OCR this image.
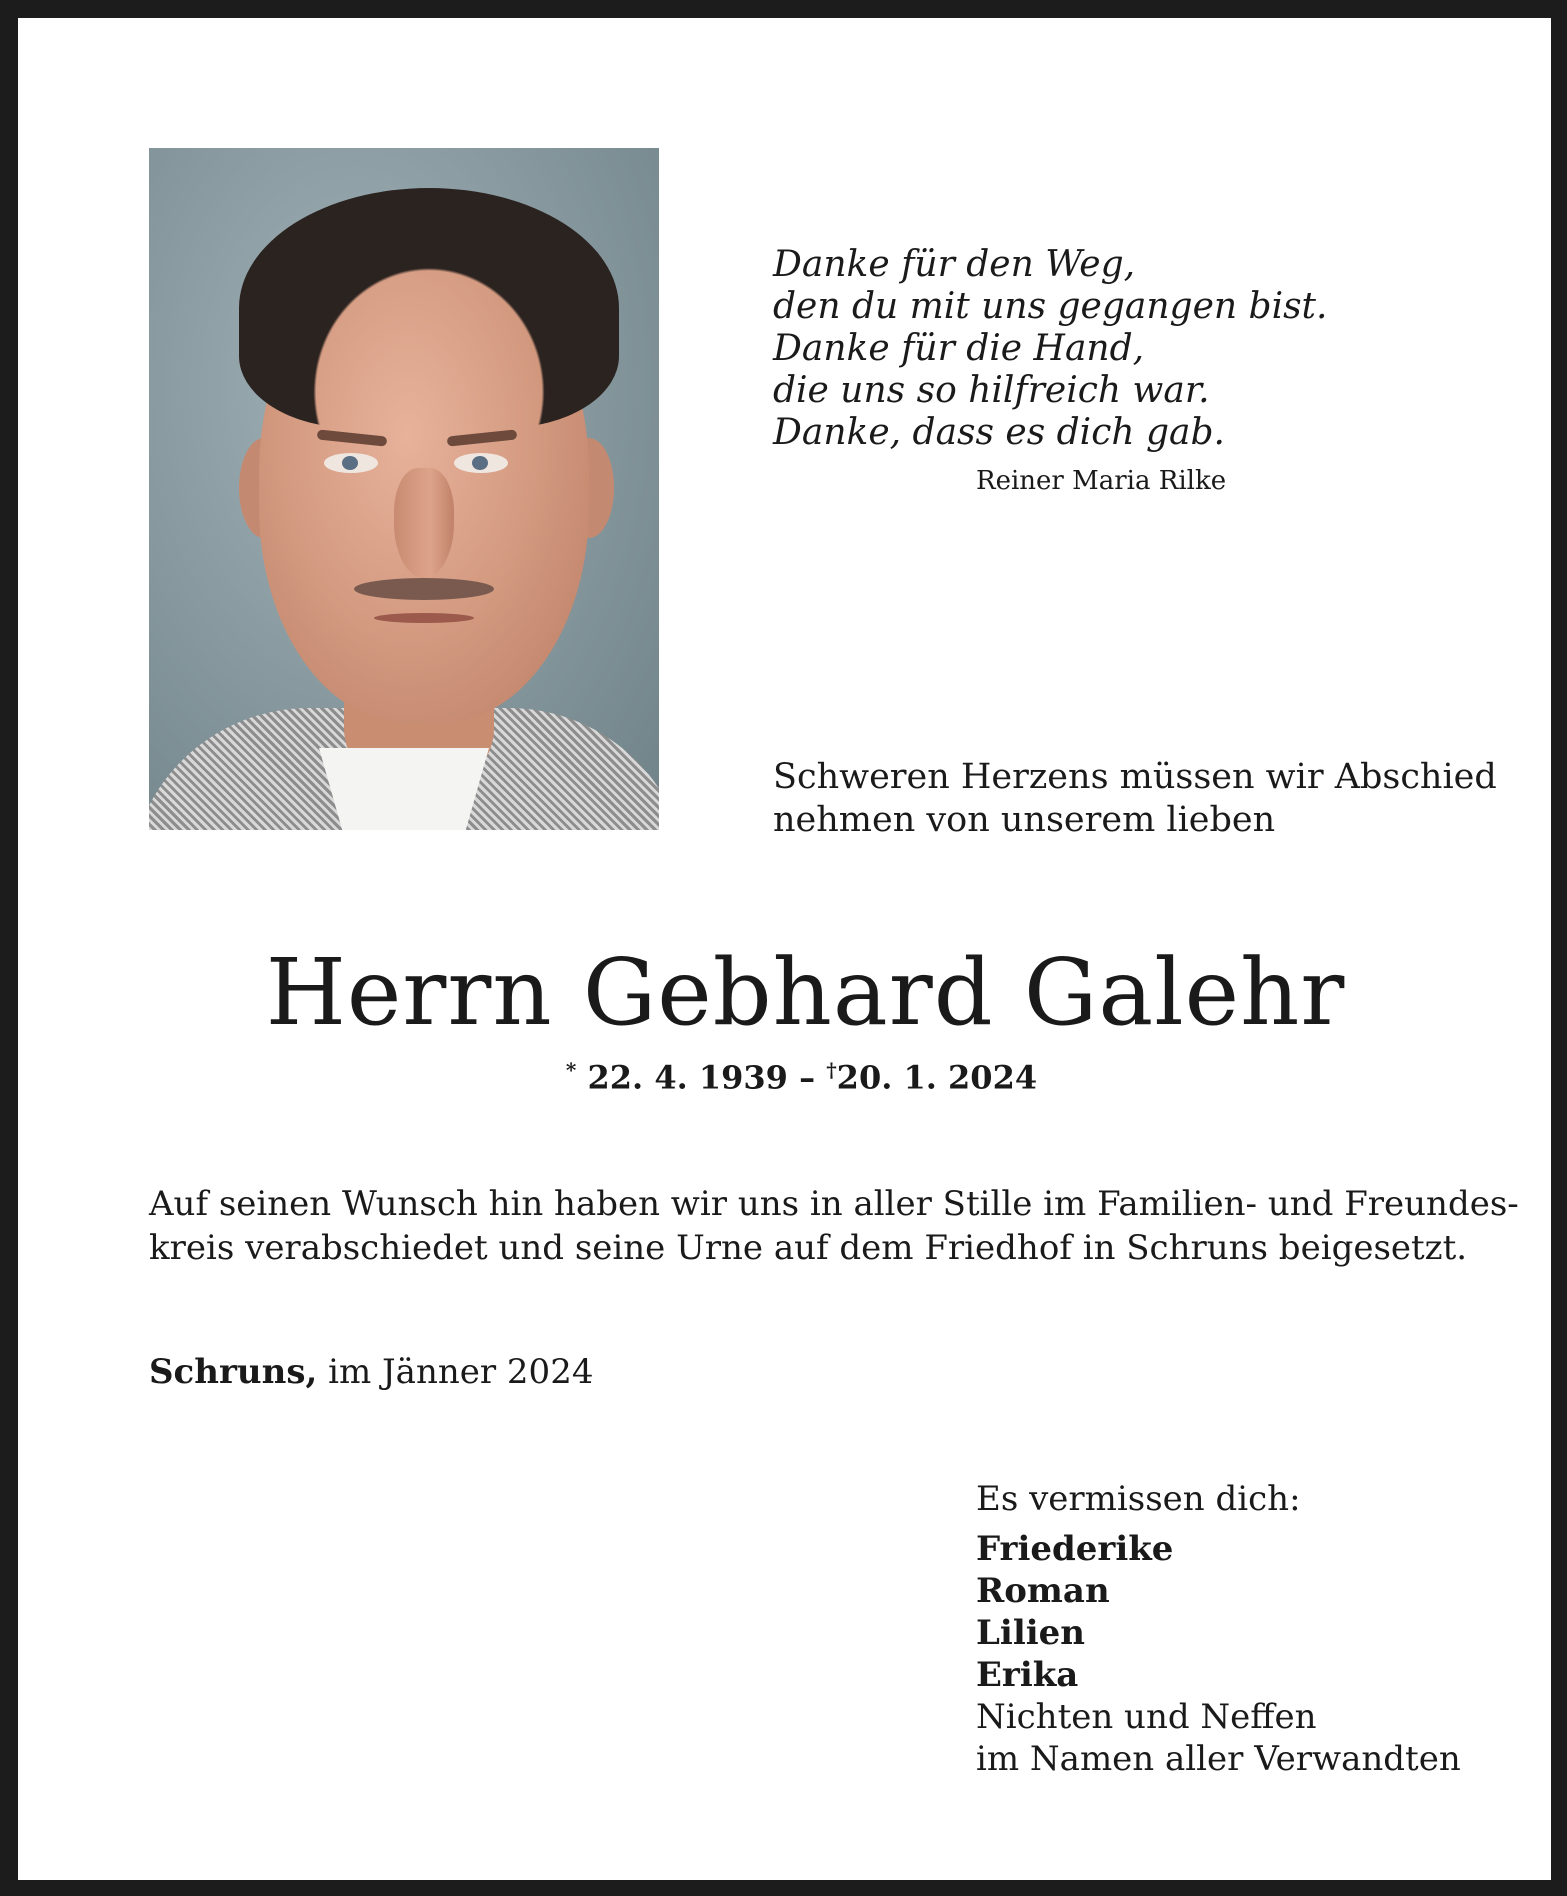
Danke für den Weg,
den du mit uns gegangen bist.
Danke für die Hand,
die uns so hilfreich war.
Danke, dass es dich gab.
Reiner Maria Rilke
Schweren Herzens müssen wir Abschied
nehmen von unserem lieben
Herrn Gebhard Galehr
* 22. 4. 1939 – †20. 1. 2024
Auf seinen Wunsch hin haben wir uns in aller Stille im Familien- und Freundes-
kreis verabschiedet und seine Urne auf dem Friedhof in Schruns beigesetzt.
Schruns, im Jänner 2024
Es vermissen dich:
Friederike
Roman
Lilien
Erika
Nichten und Neffen
im Namen aller Verwandten
